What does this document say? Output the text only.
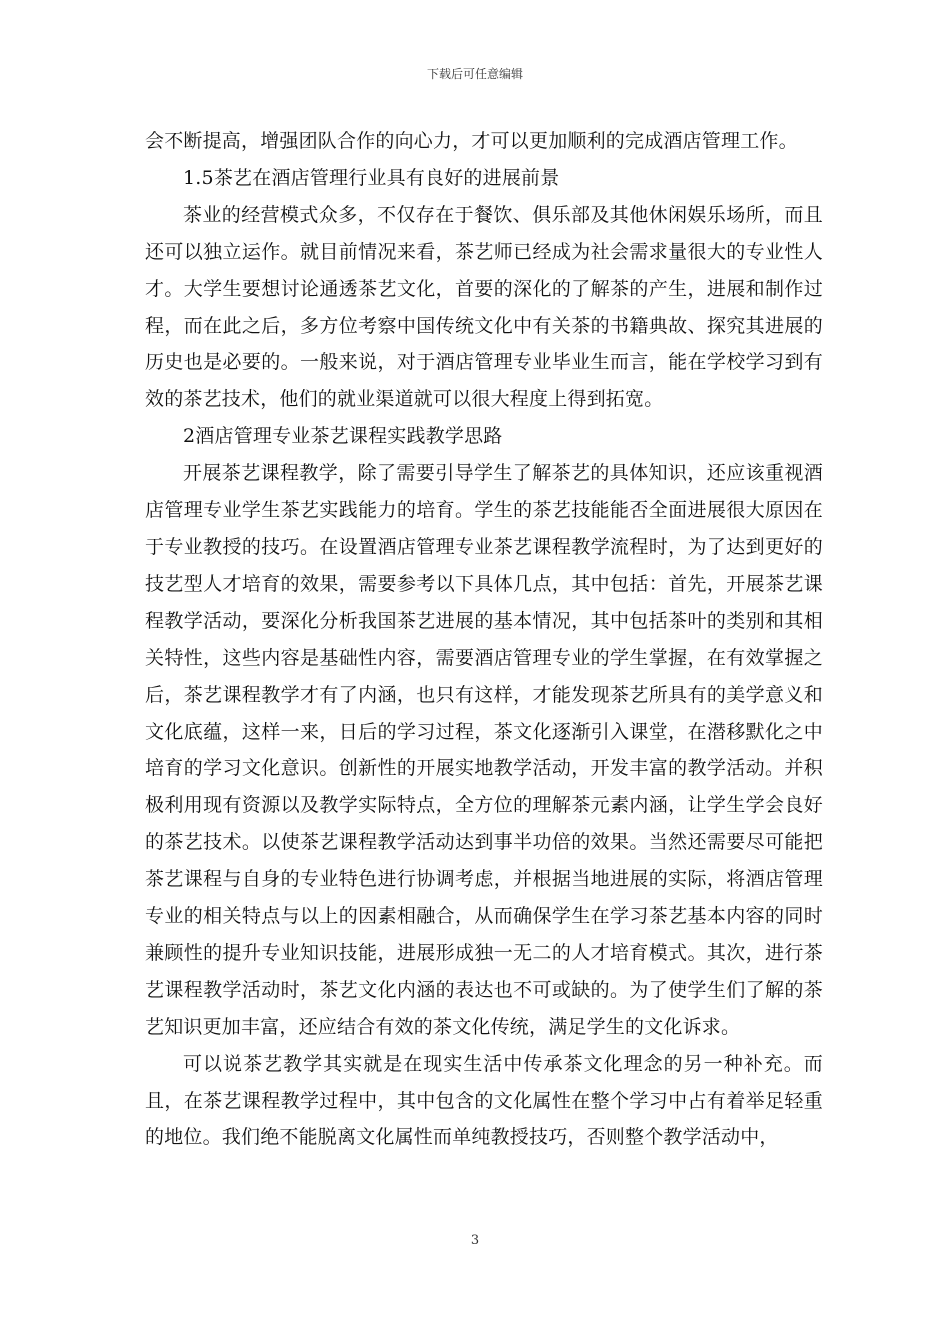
下载后可任意编辑

会不断提高，增强团队合作的向心力，才可以更加顺利的完成酒店管理工作。

1.5茶艺在酒店管理行业具有良好的进展前景

茶业的经营模式众多，不仅存在于餐饮、俱乐部及其他休闲娱乐场所，而且还可以独立运作。就目前情况来看，茶艺师已经成为社会需求量很大的专业性人才。大学生要想讨论通透茶艺文化，首要的深化的了解茶的产生，进展和制作过程，而在此之后，多方位考察中国传统文化中有关茶的书籍典故、探究其进展的历史也是必要的。一般来说，对于酒店管理专业毕业生而言，能在学校学习到有效的茶艺技术，他们的就业渠道就可以很大程度上得到拓宽。

2酒店管理专业茶艺课程实践教学思路

开展茶艺课程教学，除了需要引导学生了解茶艺的具体知识，还应该重视酒店管理专业学生茶艺实践能力的培育。学生的茶艺技能能否全面进展很大原因在于专业教授的技巧。在设置酒店管理专业茶艺课程教学流程时，为了达到更好的技艺型人才培育的效果，需要参考以下具体几点，其中包括：首先，开展茶艺课程教学活动，要深化分析我国茶艺进展的基本情况，其中包括茶叶的类别和其相关特性，这些内容是基础性内容，需要酒店管理专业的学生掌握，在有效掌握之后，茶艺课程教学才有了内涵，也只有这样，才能发现茶艺所具有的美学意义和文化底蕴，这样一来，日后的学习过程，茶文化逐渐引入课堂，在潜移默化之中培育的学习文化意识。创新性的开展实地教学活动，开发丰富的教学活动。并积极利用现有资源以及教学实际特点，全方位的理解茶元素内涵，让学生学会良好的茶艺技术。以使茶艺课程教学活动达到事半功倍的效果。当然还需要尽可能把茶艺课程与自身的专业特色进行协调考虑，并根据当地进展的实际，将酒店管理专业的相关特点与以上的因素相融合，从而确保学生在学习茶艺基本内容的同时兼顾性的提升专业知识技能，进展形成独一无二的人才培育模式。其次，进行茶艺课程教学活动时，茶艺文化内涵的表达也不可或缺的。为了使学生们了解的茶艺知识更加丰富，还应结合有效的茶文化传统，满足学生的文化诉求。

可以说茶艺教学其实就是在现实生活中传承茶文化理念的另一种补充。而且，在茶艺课程教学过程中，其中包含的文化属性在整个学习中占有着举足轻重的地位。我们绝不能脱离文化属性而单纯教授技巧，否则整个教学活动中，

3
